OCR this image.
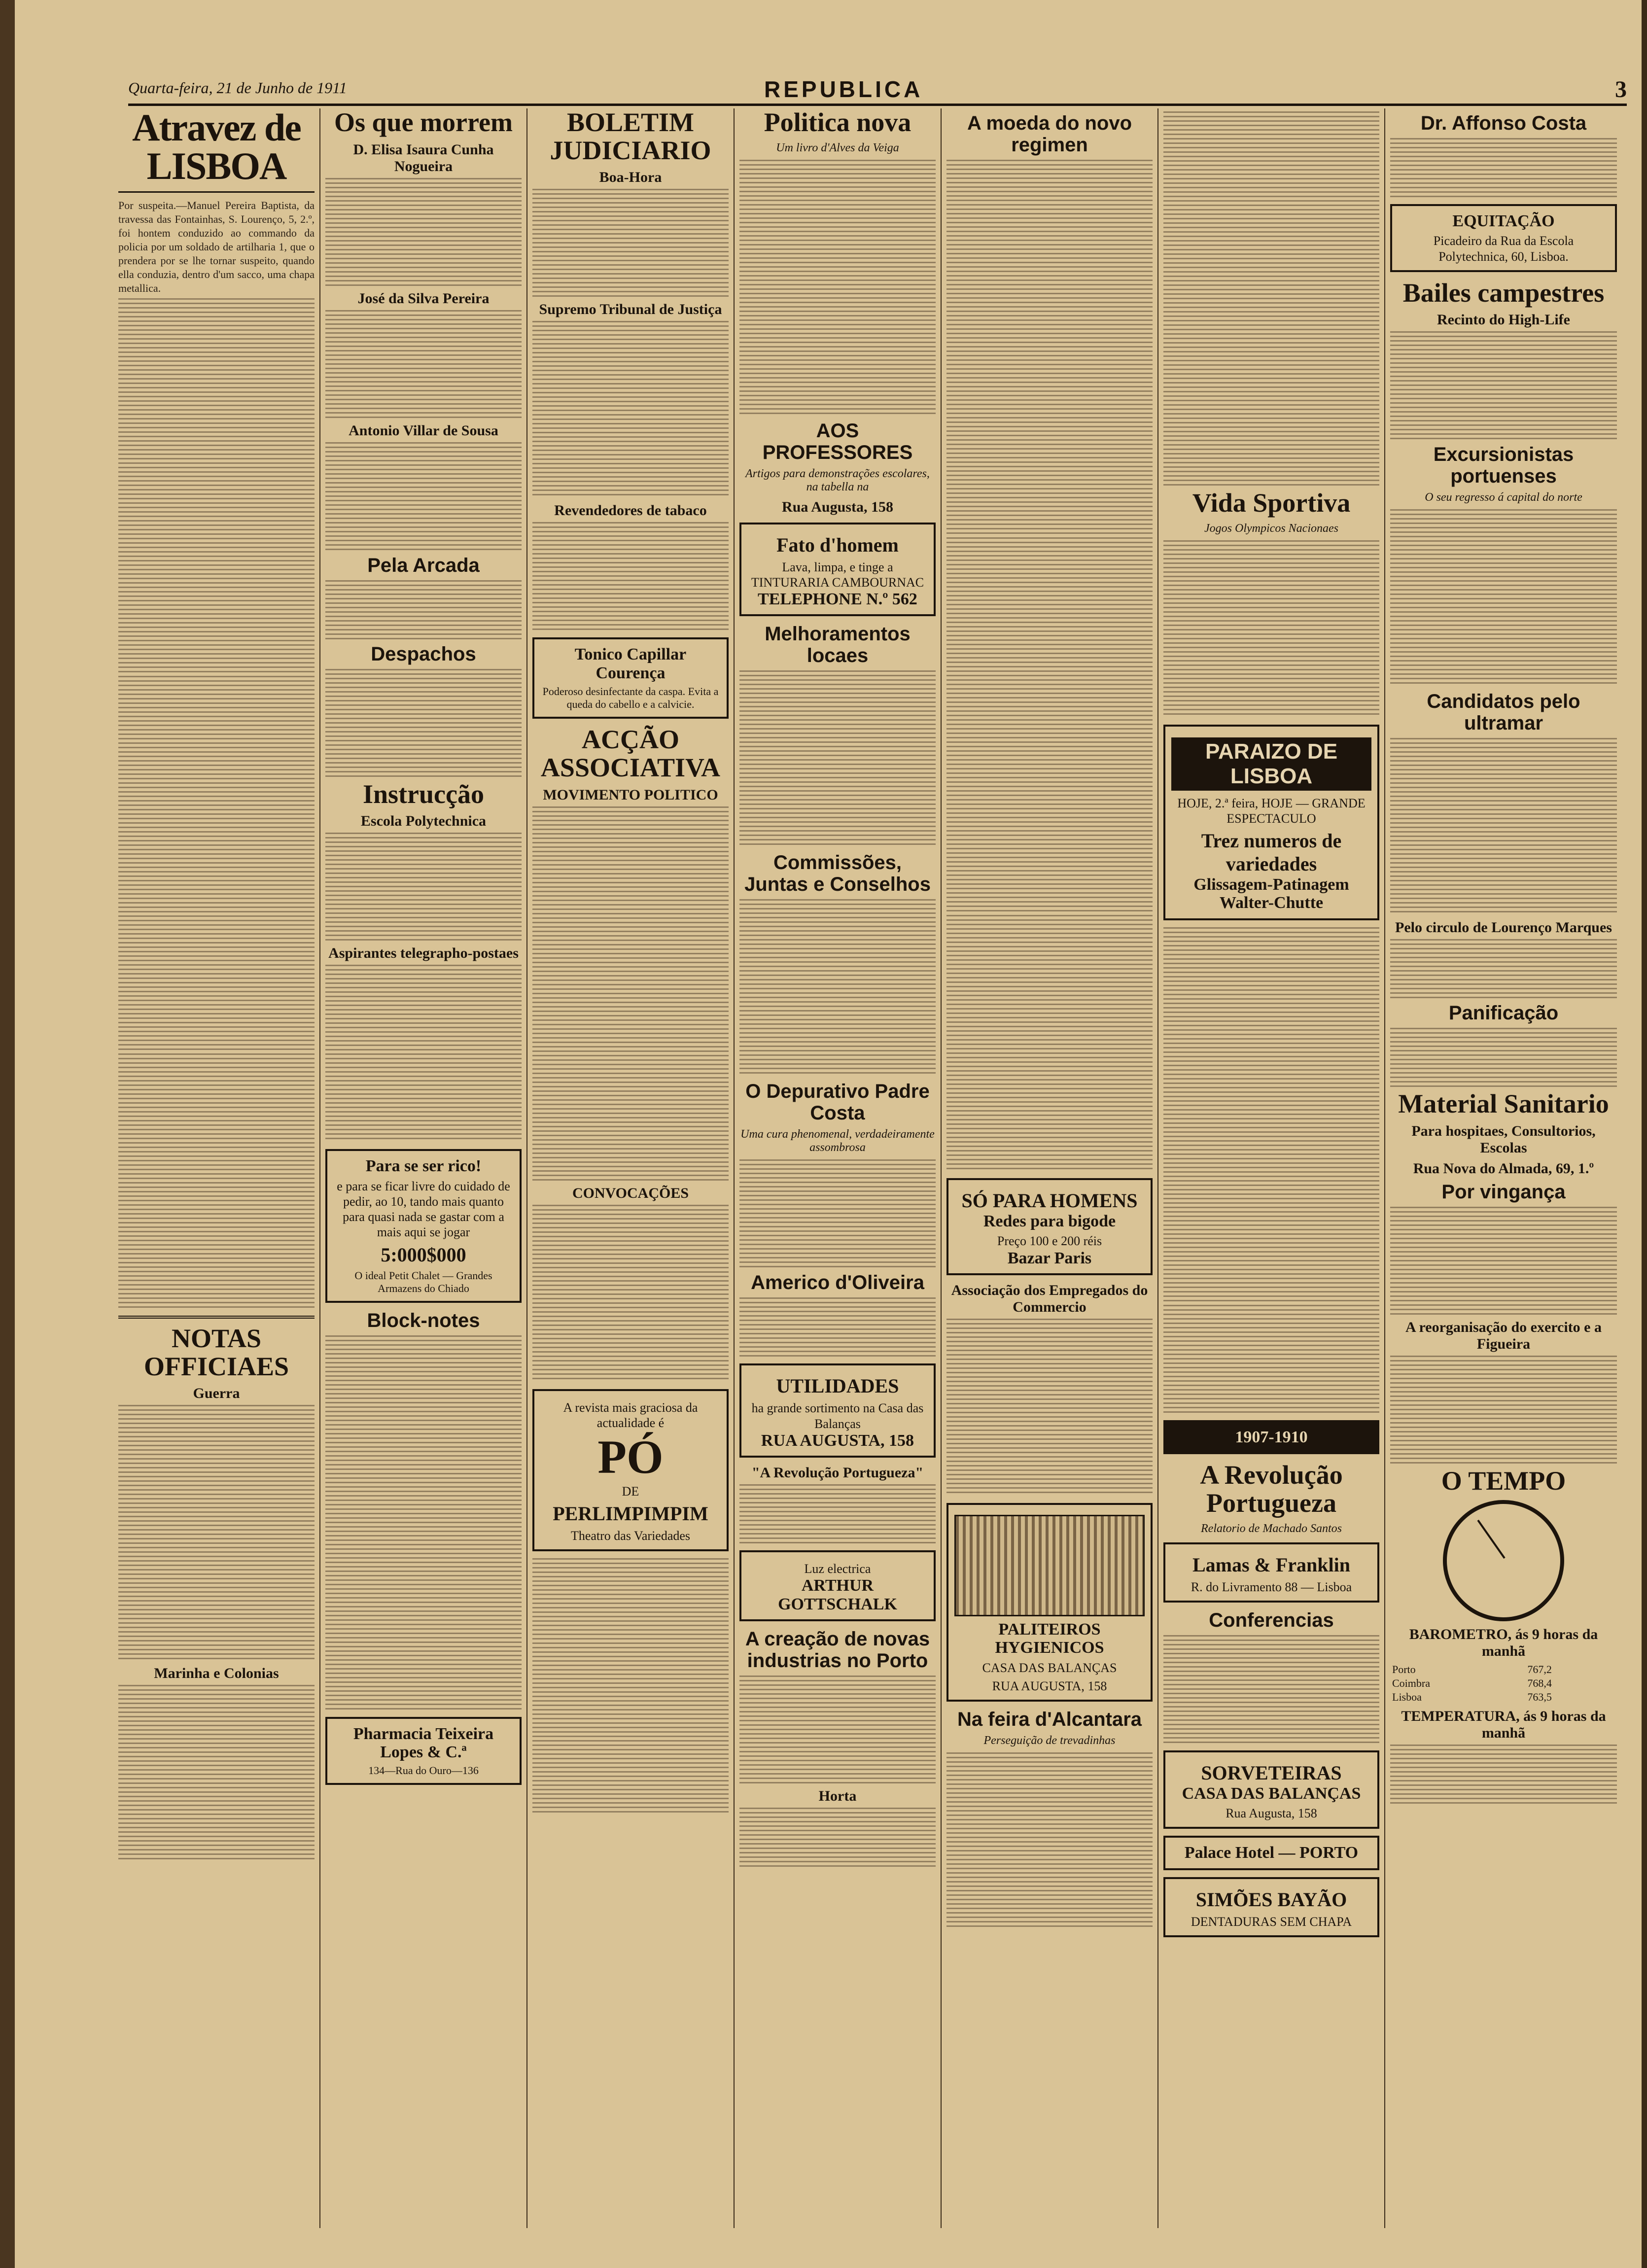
Quarta-feira, 21 de Junho de 1911	REPUBLICA	3
Atravez de LISBOA

Por suspeita.—Manuel Pereira Baptista, da travessa das Fontainhas, S. Lourenço, 5, 2.º, foi hontem conduzido ao commando da policia por um soldado de artilharia 1, que o prendera por se lhe tornar suspeito, quando ella conduzia, dentro d'um sacco, uma chapa metallica.

NOTAS OFFICIAES
Guerra
Marinha e Colonias
Os que morrem
D. Elisa Isaura Cunha Nogueira
José da Silva Pereira
Antonio Villar de Sousa
Pela Arcada
Despachos
Instrucção
Escola Polytechnica
Aspirantes telegrapho-postaes
Para se ser rico!
e para se ficar livre do cuidado de pedir, ao 10, tando mais quanto para quasi nada se gastar com a mais aqui se jogar
5:000$000
O ideal Petit Chalet — Grandes Armazens do Chiado
Block-notes
Pharmacia Teixeira Lopes & C.ª
134—Rua do Ouro—136
BOLETIM JUDICIARIO
Boa-Hora
Supremo Tribunal de Justiça
Revendedores de tabaco
Tonico Capillar Courença
Poderoso desinfectante da caspa. Evita a queda do cabello e a calvicie.
ACÇÃO ASSOCIATIVA
MOVIMENTO POLITICO
CONVOCAÇÕES
A revista mais graciosa da actualidade é
PÓ
DE
PERLIMPIMPIM
Theatro das Variedades
Politica nova
Um livro d'Alves da Veiga
AOS PROFESSORES
Artigos para demonstrações escolares, na tabella na
Rua Augusta, 158
Fato d'homem
Lava, limpa, e tinge a TINTURARIA CAMBOURNAC
TELEPHONE N.º 562
Melhoramentos locaes
Commissões, Juntas e Conselhos
O Depurativo Padre Costa
Uma cura phenomenal, verdadeiramente assombrosa
Americo d'Oliveira
UTILIDADES
ha grande sortimento na Casa das Balanças
RUA AUGUSTA, 158
"A Revolução Portugueza"
Luz electrica
ARTHUR GOTTSCHALK
A creação de novas industrias no Porto
Horta
A moeda do novo regimen
SÓ PARA HOMENS
Redes para bigode
Preço 100 e 200 réis
Bazar Paris
Associação dos Empregados do Commercio
PALITEIROS HYGIENICOS
CASA DAS BALANÇAS
RUA AUGUSTA, 158
Na feira d'Alcantara
Perseguição de trevadinhas
Vida Sportiva
Jogos Olympicos Nacionaes
PARAIZO DE LISBOA
HOJE, 2.ª feira, HOJE — GRANDE ESPECTACULO
Trez numeros de variedades
Glissagem-Patinagem Walter-Chutte
1907-1910
A Revolução Portugueza
Relatorio de Machado Santos
Lamas & Franklin
R. do Livramento 88 — Lisboa
Conferencias
SORVETEIRAS
CASA DAS BALANÇAS
Rua Augusta, 158
Palace Hotel — PORTO
SIMÕES BAYÃO
DENTADURAS SEM CHAPA
Dr. Affonso Costa
EQUITAÇÃO
Picadeiro da Rua da Escola Polytechnica, 60, Lisboa.
Bailes campestres
Recinto do High-Life
Excursionistas portuenses
O seu regresso á capital do norte
Candidatos pelo ultramar
Pelo circulo de Lourenço Marques
Panificação
Material Sanitario
Para hospitaes, Consultorios, Escolas
Rua Nova do Almada, 69, 1.º
Por vingança
A reorganisação do exercito e a Figueira
O TEMPO
BAROMETRO, ás 9 horas da manhã
Porto	767,2
Coimbra	768,4
Lisboa	763,5
TEMPERATURA, ás 9 horas da manhã
